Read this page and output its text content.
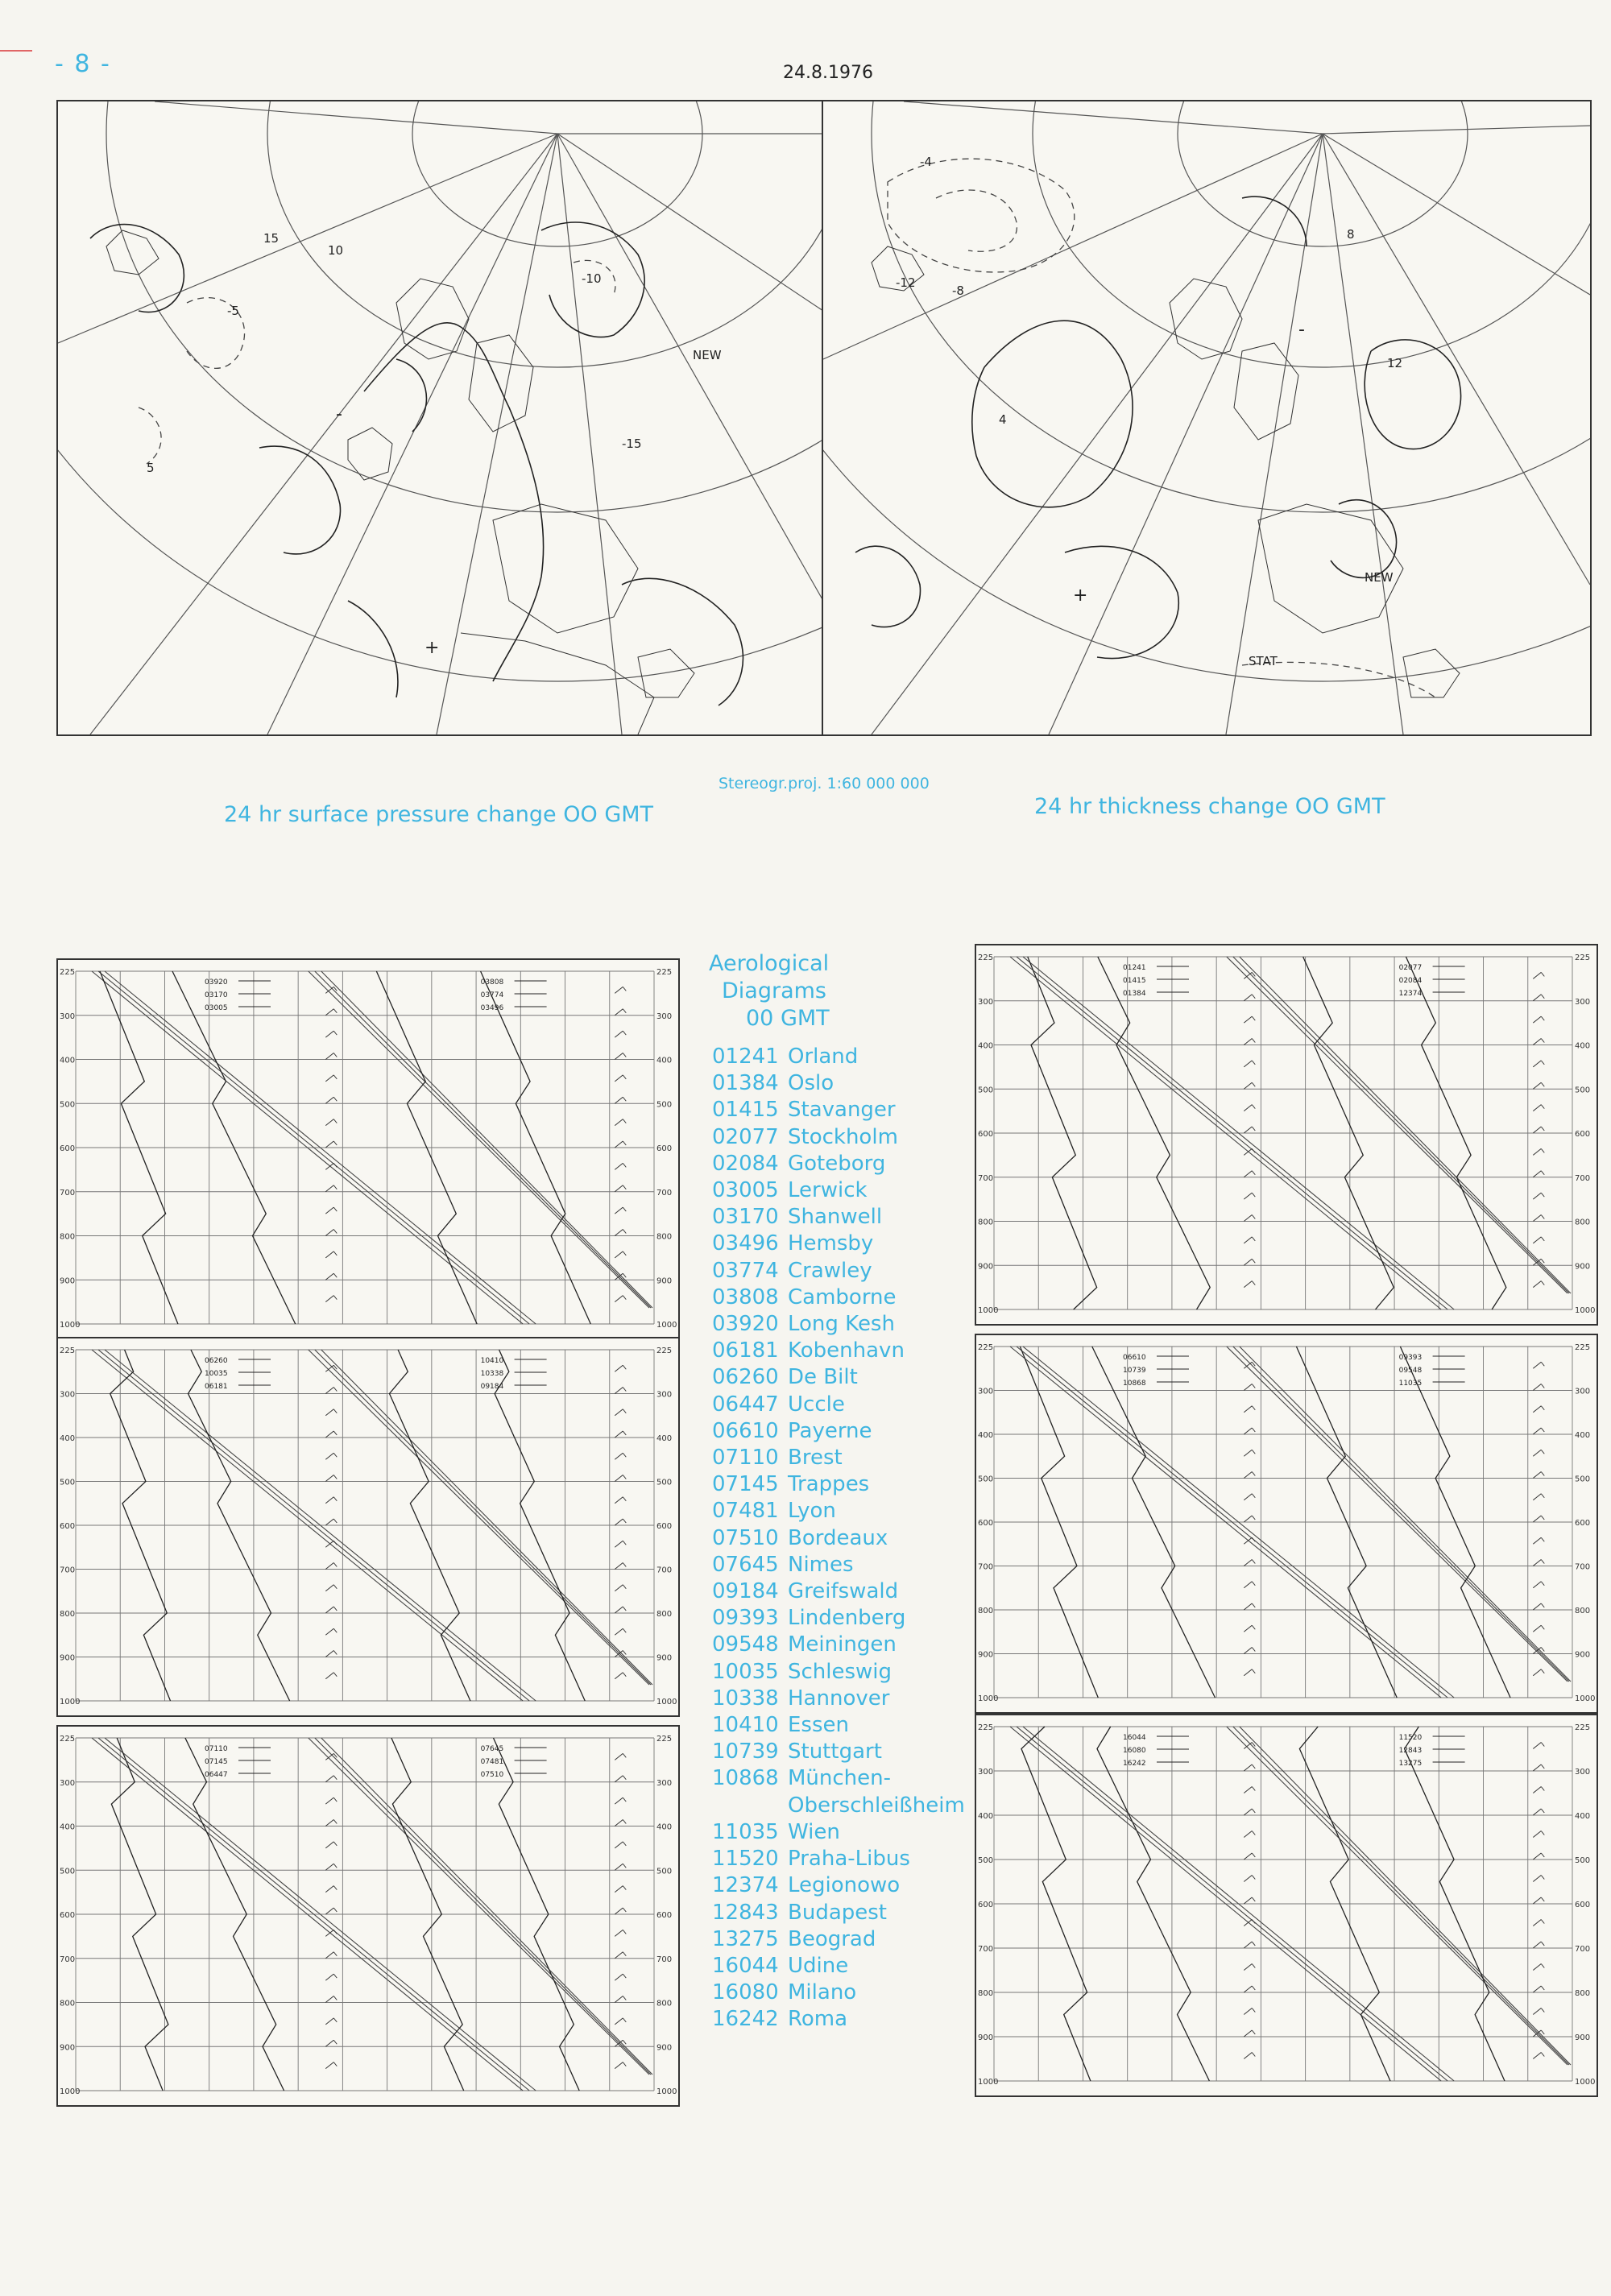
- 8 -	24.8.1976
NEW
15
10
5
-5
-10
-15
+
-
NEW
STAT
12
8
4
-4
-8
-12
+
-
24 hr surface pressure change OO GMT
Stereogr.proj. 1:60 000 000
24 hr thickness change OO GMT
225	225
300	300
400	400
500	500
600	600
700	700
800	800
900	900
1000	1000
03920
03170
03005
03808
03774
03496
225	225
300	300
400	400
500	500
600	600
700	700
800	800
900	900
1000	1000
06260
10035
06181
10410
10338
09184
225	225
300	300
400	400
500	500
600	600
700	700
800	800
900	900
1000	1000
07110
07145
06447
07645
07481
07510
225	225
300	300
400	400
500	500
600	600
700	700
800	800
900	900
1000	1000
01241
01415
01384
02077
02084
12374
225	225
300	300
400	400
500	500
600	600
700	700
800	800
900	900
1000	1000
06610
10739
10868
09393
09548
11035
225	225
300	300
400	400
500	500
600	600
700	700
800	800
900	900
1000	1000
16044
16080
16242
11520
12843
13275
Aerological
Diagrams
00 GMT
01241 Orland
01384 Oslo
01415 Stavanger
02077 Stockholm
02084 Goteborg
03005 Lerwick
03170 Shanwell
03496 Hemsby
03774 Crawley
03808 Camborne
03920 Long Kesh
06181 Kobenhavn
06260 De Bilt
06447 Uccle
06610 Payerne
07110 Brest
07145 Trappes
07481 Lyon
07510 Bordeaux
07645 Nimes
09184 Greifswald
09393 Lindenberg
09548 Meiningen
10035 Schleswig
10338 Hannover
10410 Essen
10739 Stuttgart
10868 München-
Oberschleißheim
11035 Wien
11520 Praha-Libus
12374 Legionowo
12843 Budapest
13275 Beograd
16044 Udine
16080 Milano
16242 Roma
